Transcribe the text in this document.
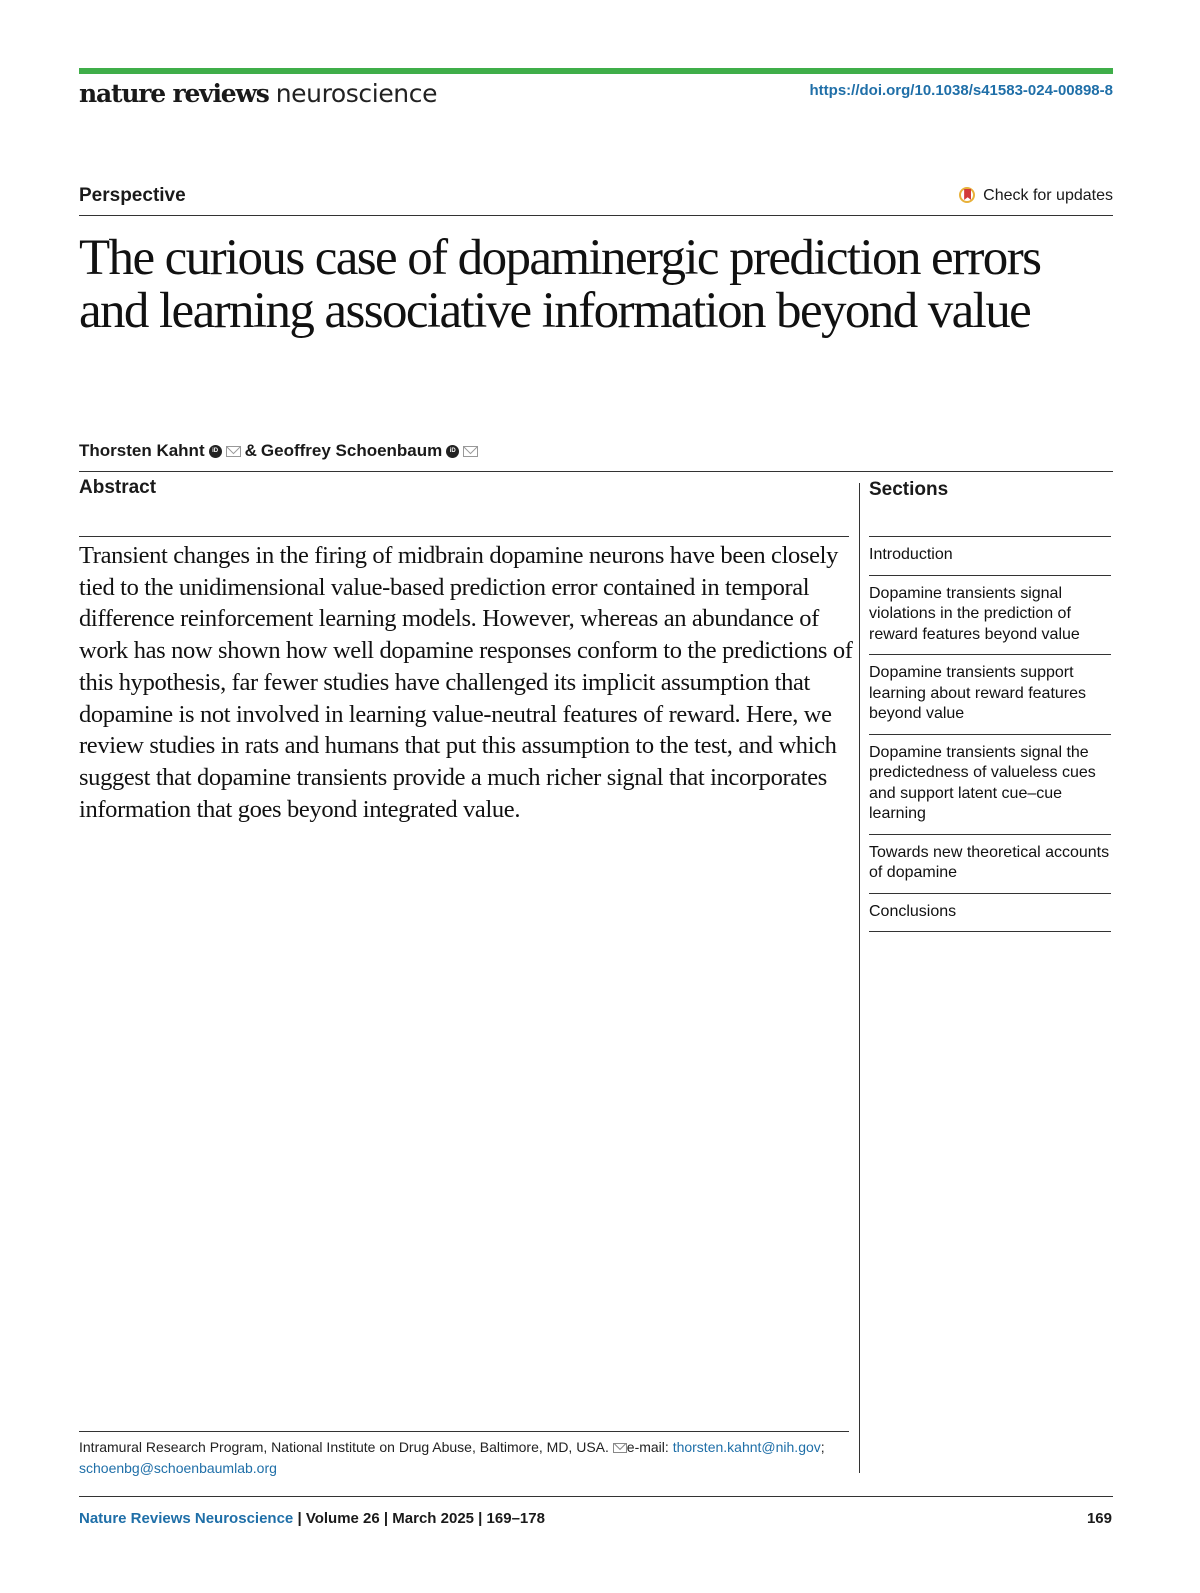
nature reviews neuroscience	https://doi.org/10.1038/s41583-024-00898-8
Perspective	Check for updates
The curious case of dopaminergic prediction errors and learning associative information beyond value
Thorsten Kahnt	iD & Geoffrey Schoenbaum	iD
Abstract	Sections

Transient changes in the firing of midbrain dopamine neurons have been closely tied to the unidimensional value-based prediction error contained in temporal difference reinforcement learning models. However, whereas an abundance of work has now shown how well dopamine responses conform to the predictions of this hypothesis, far fewer studies have challenged its implicit assumption that dopamine is not involved in learning value-neutral features of reward. Here, we review studies in rats and humans that put this assumption to the test, and which suggest that dopamine transients provide a much richer signal that incorporates information that goes beyond integrated value.

Introduction
Dopamine transients signal violations in the prediction of reward features beyond value
Dopamine transients support learning about reward features beyond value
Dopamine transients signal the predictedness of valueless cues and support latent cue–cue learning
Towards new theoretical accounts of dopamine
Conclusions
Intramural Research Program, National Institute on Drug Abuse, Baltimore, MD, USA. e-mail: thorsten.kahnt@nih.gov; schoenbg@schoenbaumlab.org
Nature Reviews Neuroscience | Volume 26 | March 2025 | 169–178	169
